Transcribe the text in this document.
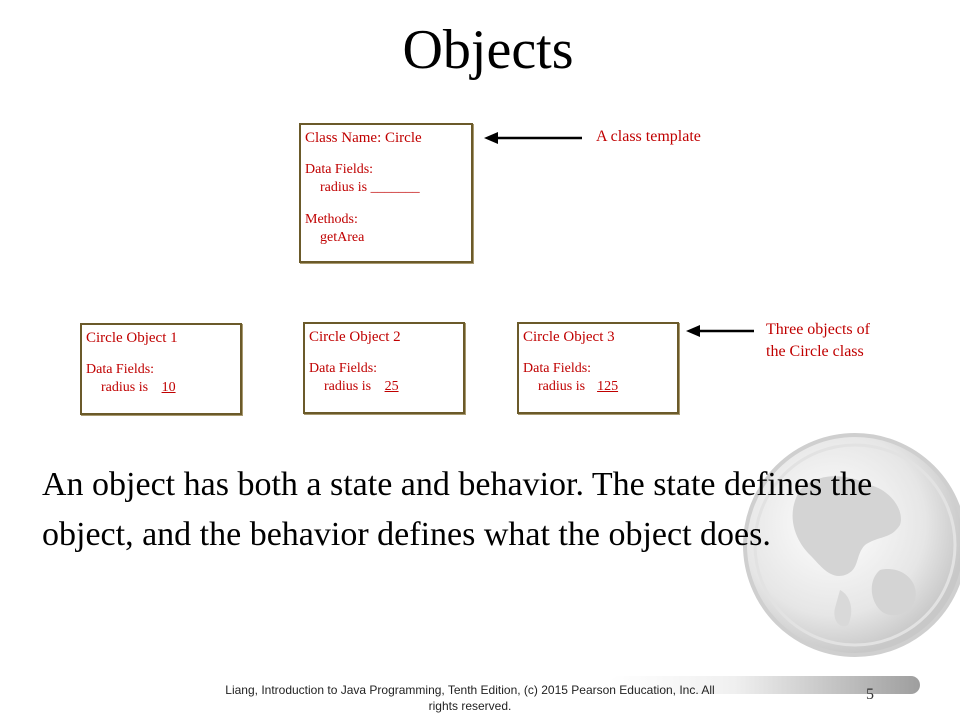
Objects
Class Name: Circle
Data Fields:
radius is _______
Methods:
getArea
A class template
Circle Object 1
Data Fields:
radius is 10
Circle Object 2
Data Fields:
radius is 25
Circle Object 3
Data Fields:
radius is 125
Three objects of
the Circle class
An object has both a state and behavior. The state defines the object, and the behavior defines what the object does.
Liang, Introduction to Java Programming, Tenth Edition, (c) 2015 Pearson Education, Inc. All
rights reserved.
5
